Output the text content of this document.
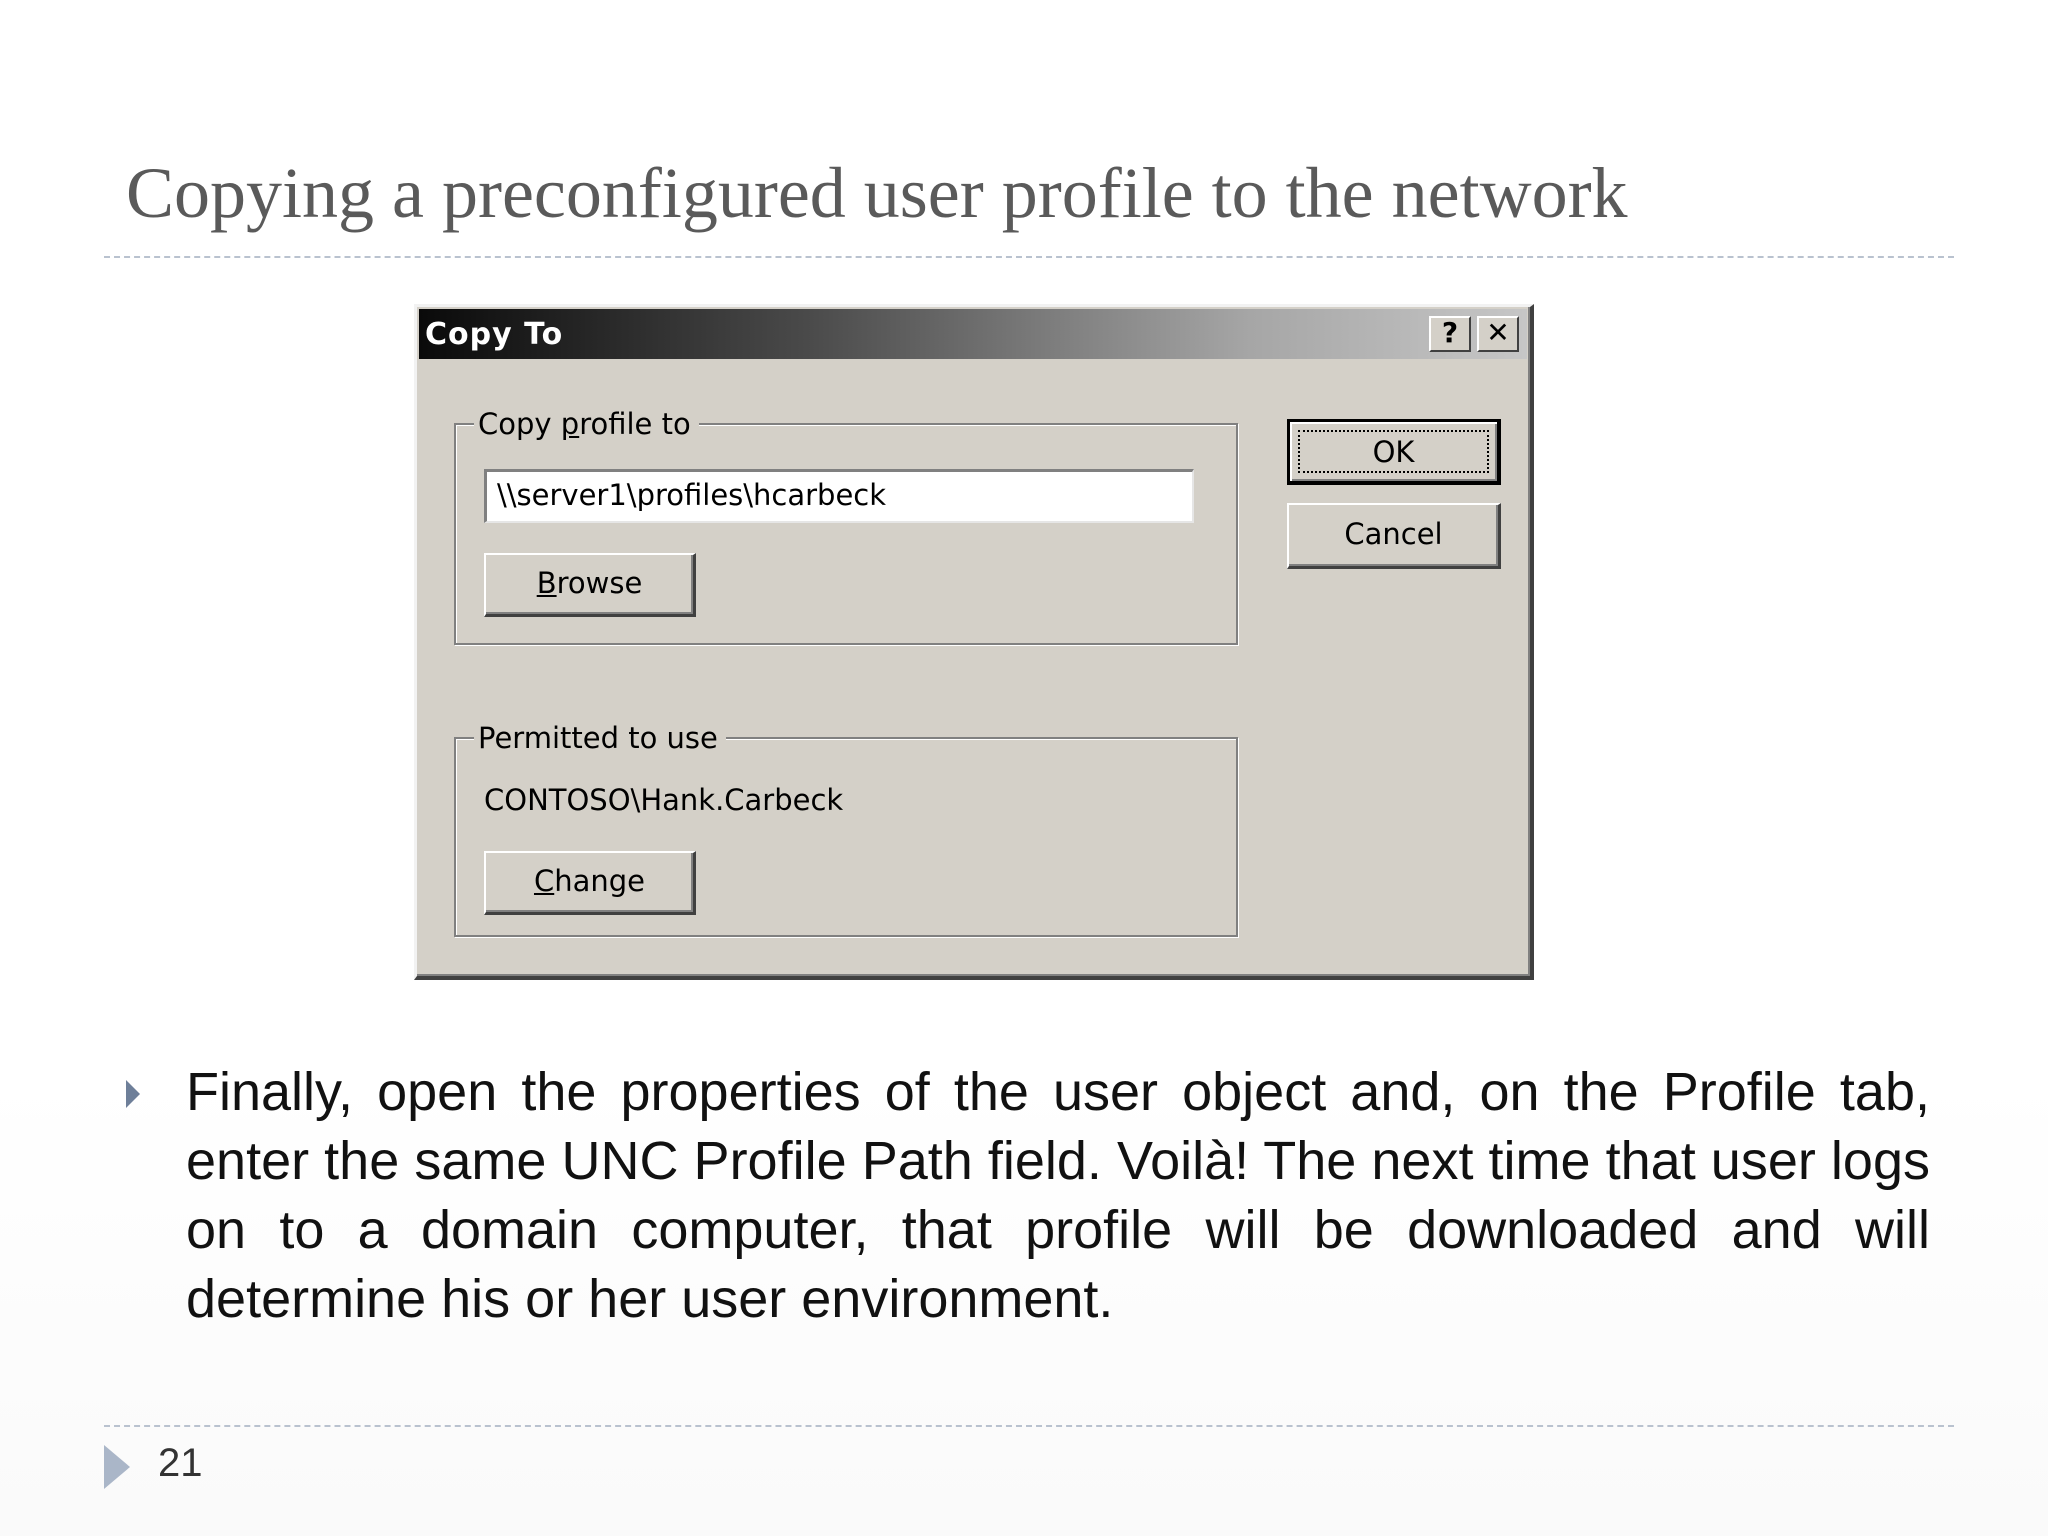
Copying a preconfigured user profile to the network
Copy To	?	✕
Copy profile to
\\server1\profiles\hcarbeck
Browse
Permitted to use
CONTOSO\Hank.Carbeck
Change
OK
Cancel

Finally, open the properties of the user object and, on the Profile tab, enter the same UNC Profile Path field. Voilà! The next time that user logs on to a domain computer, that profile will be downloaded and will determine his or her user environment.

21
